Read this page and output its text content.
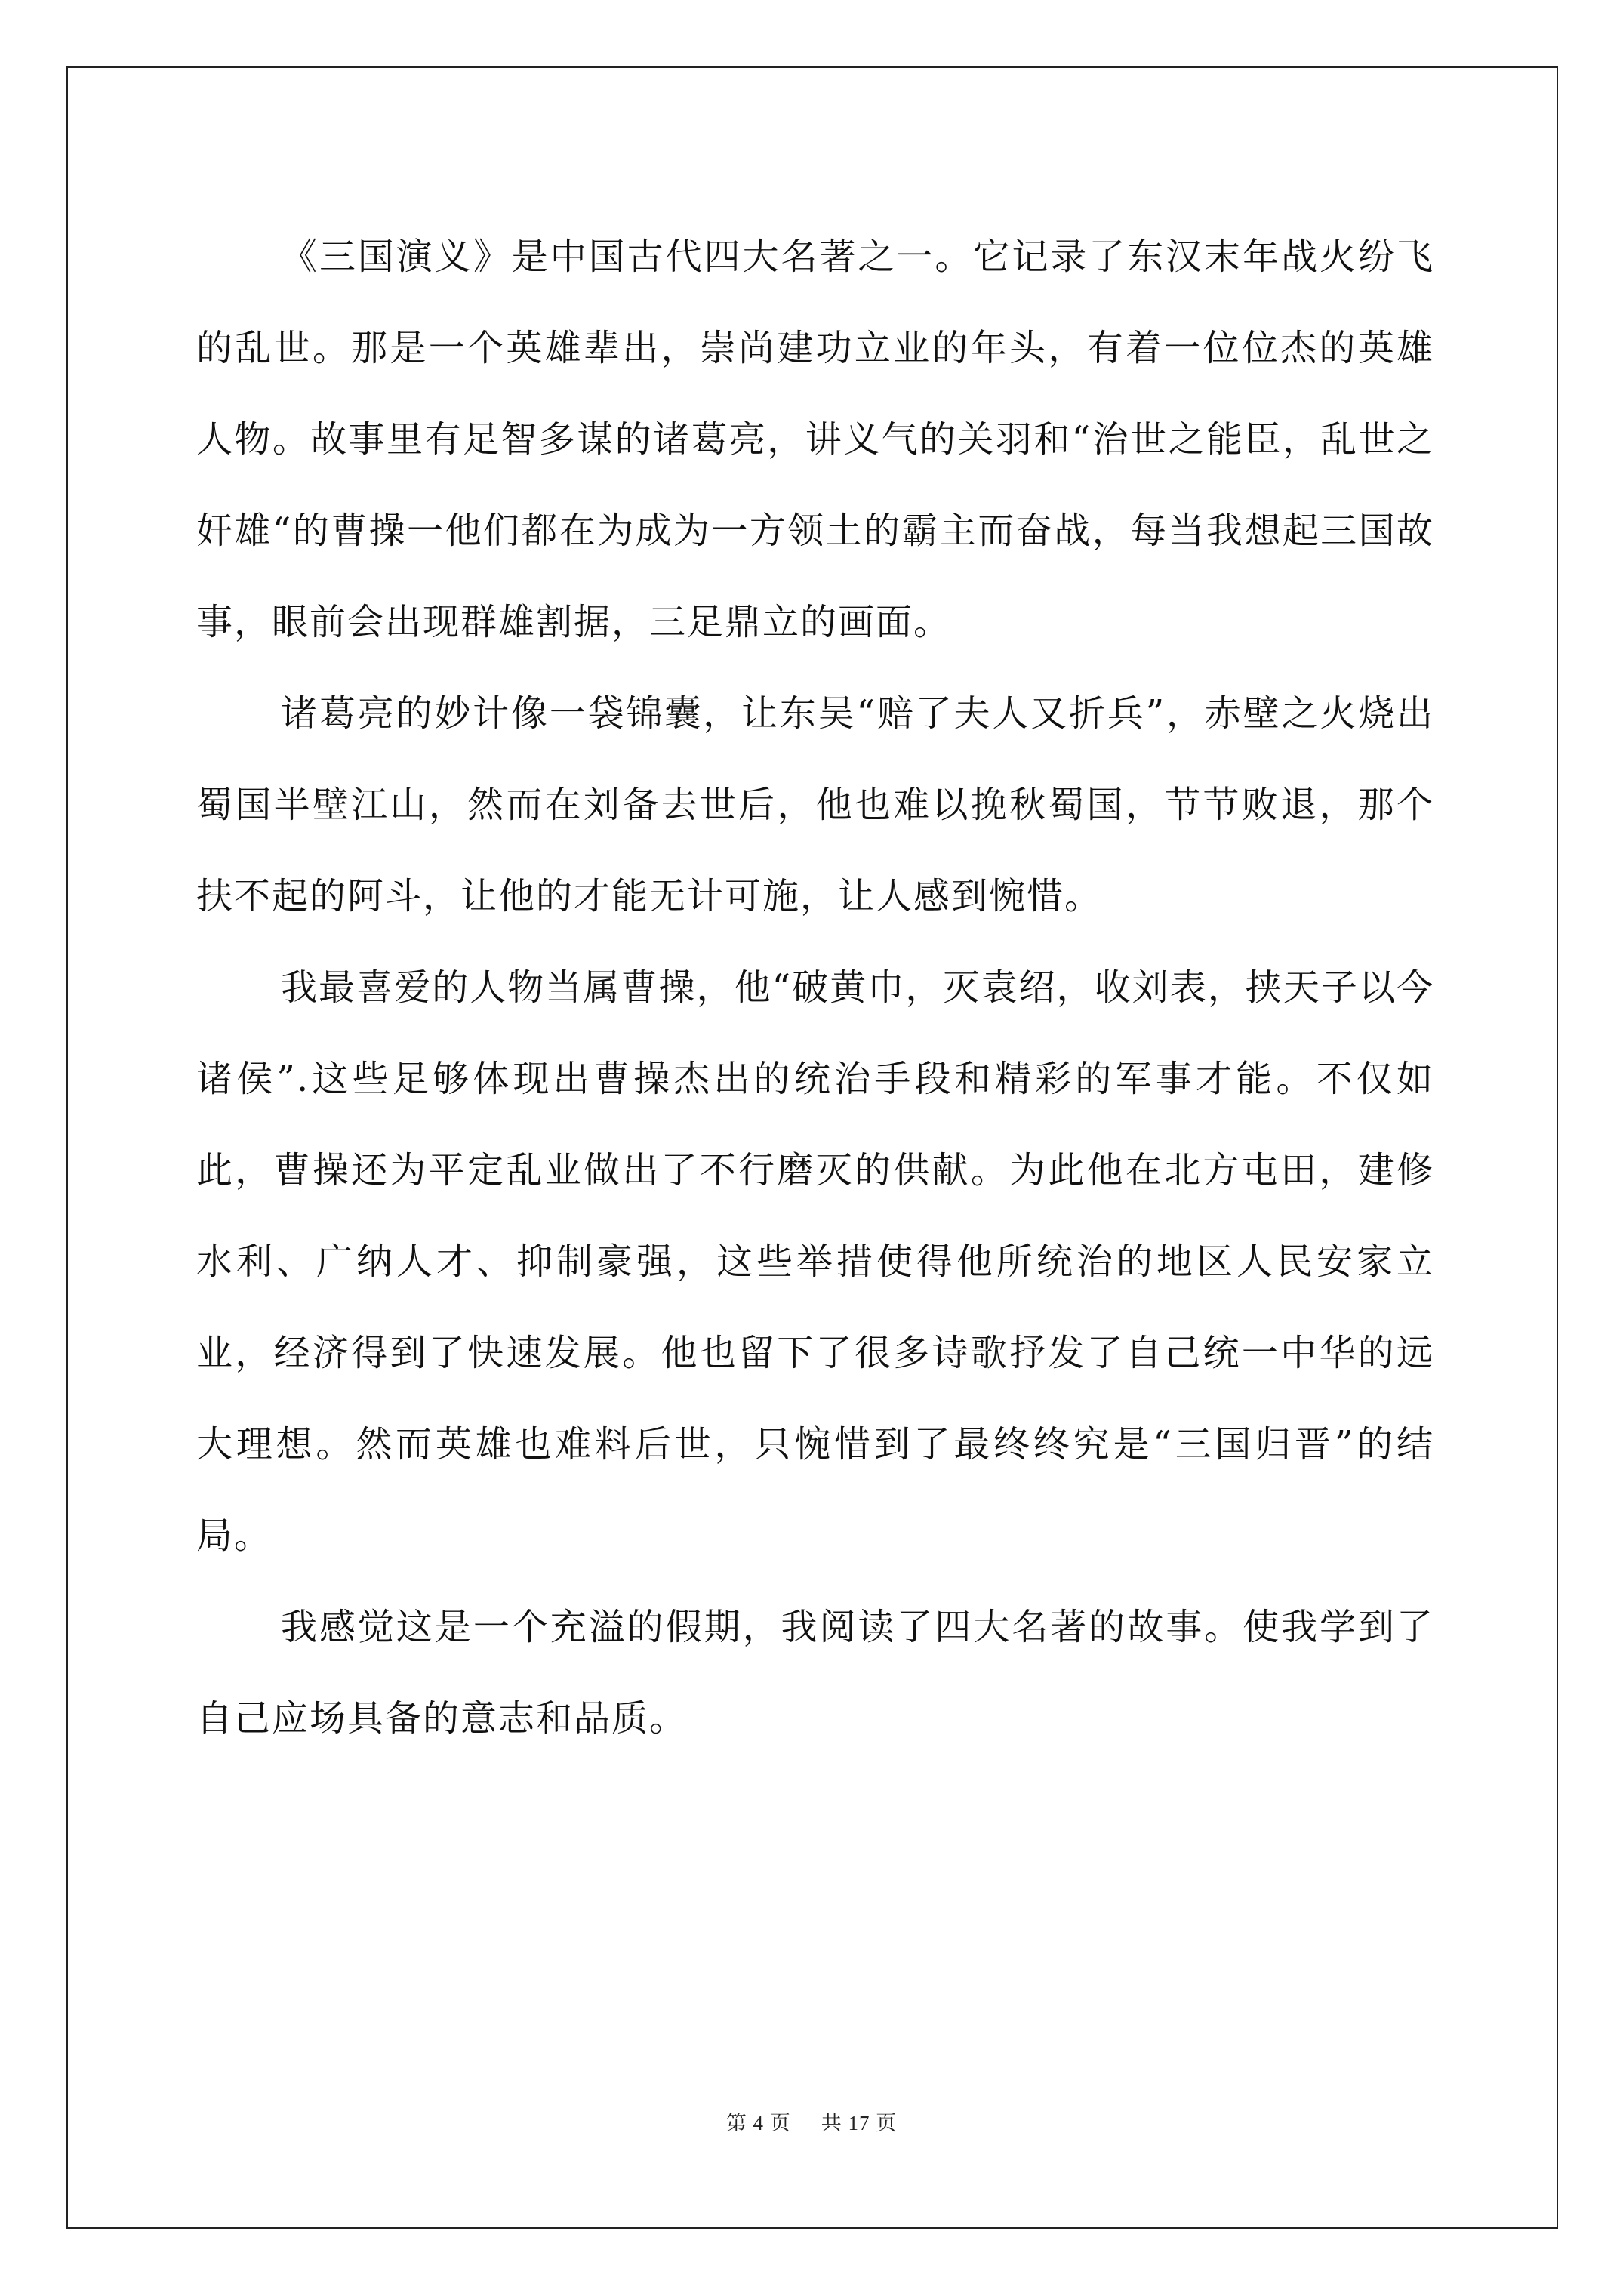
《三国演义》是中国古代四大名著之一。它记录了东汉末年战火纷飞的乱世。那是一个英雄辈出，崇尚建功立业的年头，有着一位位杰的英雄人物。故事里有足智多谋的诸葛亮，讲义气的关羽和“治世之能臣，乱世之奸雄“的曹操一他们都在为成为一方领土的霸主而奋战，每当我想起三国故事，眼前会出现群雄割据，三足鼎立的画面。

诸葛亮的妙计像一袋锦囊，让东吴“赔了夫人又折兵”，赤壁之火烧出蜀国半壁江山，然而在刘备去世后，他也难以挽秋蜀国，节节败退，那个扶不起的阿斗，让他的才能无计可施，让人感到惋惜。

我最喜爱的人物当属曹操，他“破黄巾，灭袁绍，收刘表，挟天子以今诸侯”.这些足够体现出曹操杰出的统治手段和精彩的军事才能。不仅如此，曹操还为平定乱业做出了不行磨灭的供献。为此他在北方屯田，建修水利、广纳人才、抑制豪强，这些举措使得他所统治的地区人民安家立业，经济得到了快速发展。他也留下了很多诗歌抒发了自己统一中华的远大理想。然而英雄也难料后世，只惋惜到了最终终究是“三国归晋”的结局。

我感觉这是一个充溢的假期，我阅读了四大名著的故事。使我学到了自己应场具备的意志和品质。

第 4 页 共 17 页
